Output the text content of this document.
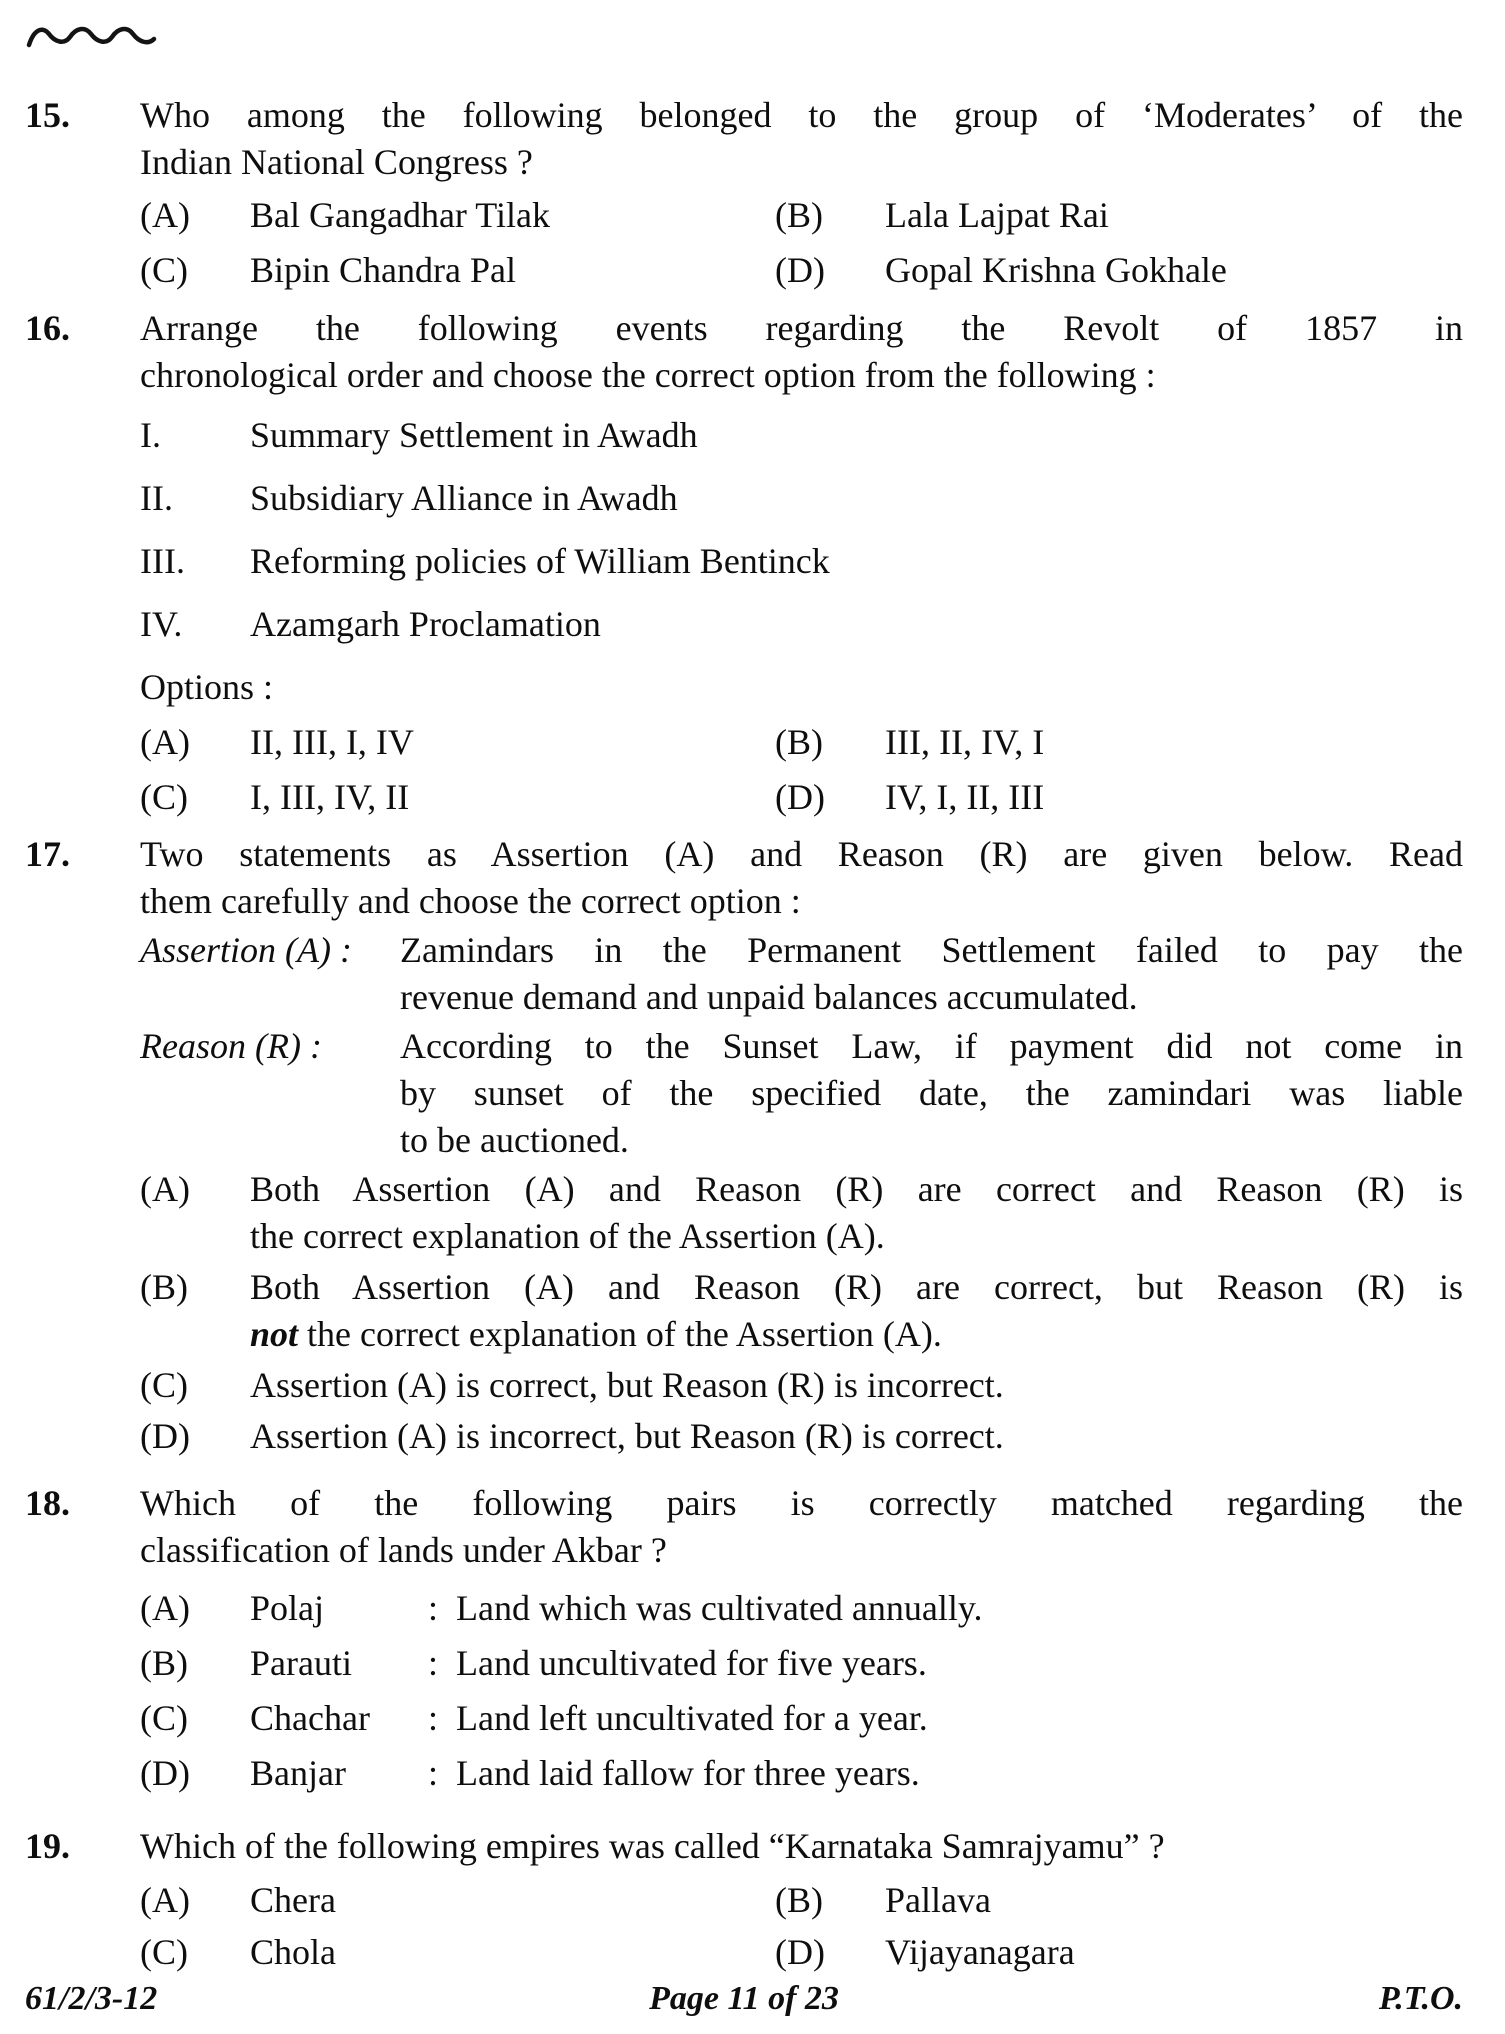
15.	Who among the following belonged to the group of ‘Moderates’ of the
Indian National Congress ?
(A)	Bal Gangadhar Tilak	(B)	Lala Lajpat Rai
(C)	Bipin Chandra Pal	(D)	Gopal Krishna Gokhale
16.	Arrange the following events regarding the Revolt of 1857 in
chronological order and choose the correct option from the following :
I.	Summary Settlement in Awadh
II.	Subsidiary Alliance in Awadh
III.	Reforming policies of William Bentinck
IV.	Azamgarh Proclamation
Options :
(A)	II, III, I, IV	(B)	III, II, IV, I
(C)	I, III, IV, II	(D)	IV, I, II, III
17.	Two statements as Assertion (A) and Reason (R) are given below. Read
them carefully and choose the correct option :
Assertion (A) :	Zamindars in the Permanent Settlement failed to pay the
revenue demand and unpaid balances accumulated.
Reason (R) :	According to the Sunset Law, if payment did not come in
by sunset of the specified date, the zamindari was liable
to be auctioned.
(A)	Both Assertion (A) and Reason (R) are correct and Reason (R) is
the correct explanation of the Assertion (A).
(B)	Both Assertion (A) and Reason (R) are correct, but Reason (R) is
not the correct explanation of the Assertion (A).
(C)	Assertion (A) is correct, but Reason (R) is incorrect.
(D)	Assertion (A) is incorrect, but Reason (R) is correct.
18.	Which of the following pairs is correctly matched regarding the
classification of lands under Akbar ?
(A)	Polaj	: Land which was cultivated annually.
(B)	Parauti	: Land uncultivated for five years.
(C)	Chachar	: Land left uncultivated for a year.
(D)	Banjar	: Land laid fallow for three years.
19.	Which of the following empires was called “Karnataka Samrajyamu” ?
(A)	Chera	(B)	Pallava
(C)	Chola	(D)	Vijayanagara
61/2/3-12	Page 11 of 23	P.T.O.
